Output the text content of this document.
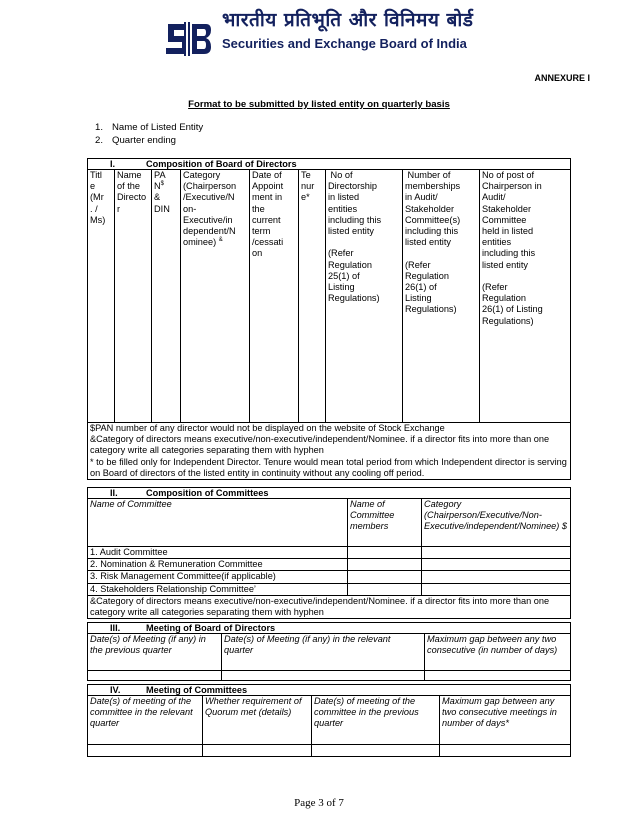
भारतीय प्रतिभूति और विनिमय बोर्ड
Securities and Exchange Board of India
ANNEXURE I
Format to be submitted by listed entity on quarterly basis
1. Name of Listed Entity
2. Quarter ending
I.	Composition of Board of Directors
Titl
e
(Mr
. /
Ms)	Name
of the
Directo
r	PA
N$
&
DIN	Category
(Chairperson
/Executive/N
on-
Executive/in
dependent/N
ominee) &	Date of
Appoint
ment in
the
current
term
/cessati
on	Te
nur
e*	No of
Directorship
in listed
entities
including this
listed entity

(Refer
Regulation
25(1) of
Listing
Regulations)	Number of
memberships
in Audit/
Stakeholder
Committee(s)
including this
listed entity

(Refer
Regulation
26(1) of
Listing
Regulations)	No of post of
Chairperson in
Audit/
Stakeholder
Committee
held in listed
entities
including this
listed entity

(Refer
Regulation
26(1) of Listing
Regulations)

$PAN number of any director would not be displayed on the website of Stock Exchange
&Category of directors means executive/non-executive/independent/Nominee. if a director fits into more than one category write all categories separating them with hyphen
* to be filled only for Independent Director. Tenure would mean total period from which Independent director is serving on Board of directors of the listed entity in continuity without any cooling off period.
II. Composition of Committees		
Name of Committee	Name of Committee members	Category (Chairperson/Executive/Non-Executive/independent/Nominee) $
1. Audit Committee		
2. Nomination & Remuneration Committee		
3. Risk Management Committee(if applicable)		
4. Stakeholders Relationship Committee’		
&Category of directors means executive/non-executive/independent/Nominee. if a director fits into more than one category write all categories separating them with hyphen		
III. Meeting of Board of Directors		
Date(s) of Meeting (if any) in the previous quarter	Date(s) of Meeting (if any) in the relevant quarter	Maximum gap between any two consecutive (in number of days)

IV. Meeting of Committees			
Date(s) of meeting of the committee in the relevant quarter	Whether requirement of Quorum met (details)	Date(s) of meeting of the committee in the previous quarter	Maximum gap between any two consecutive meetings in number of days*

Page 3 of 7
